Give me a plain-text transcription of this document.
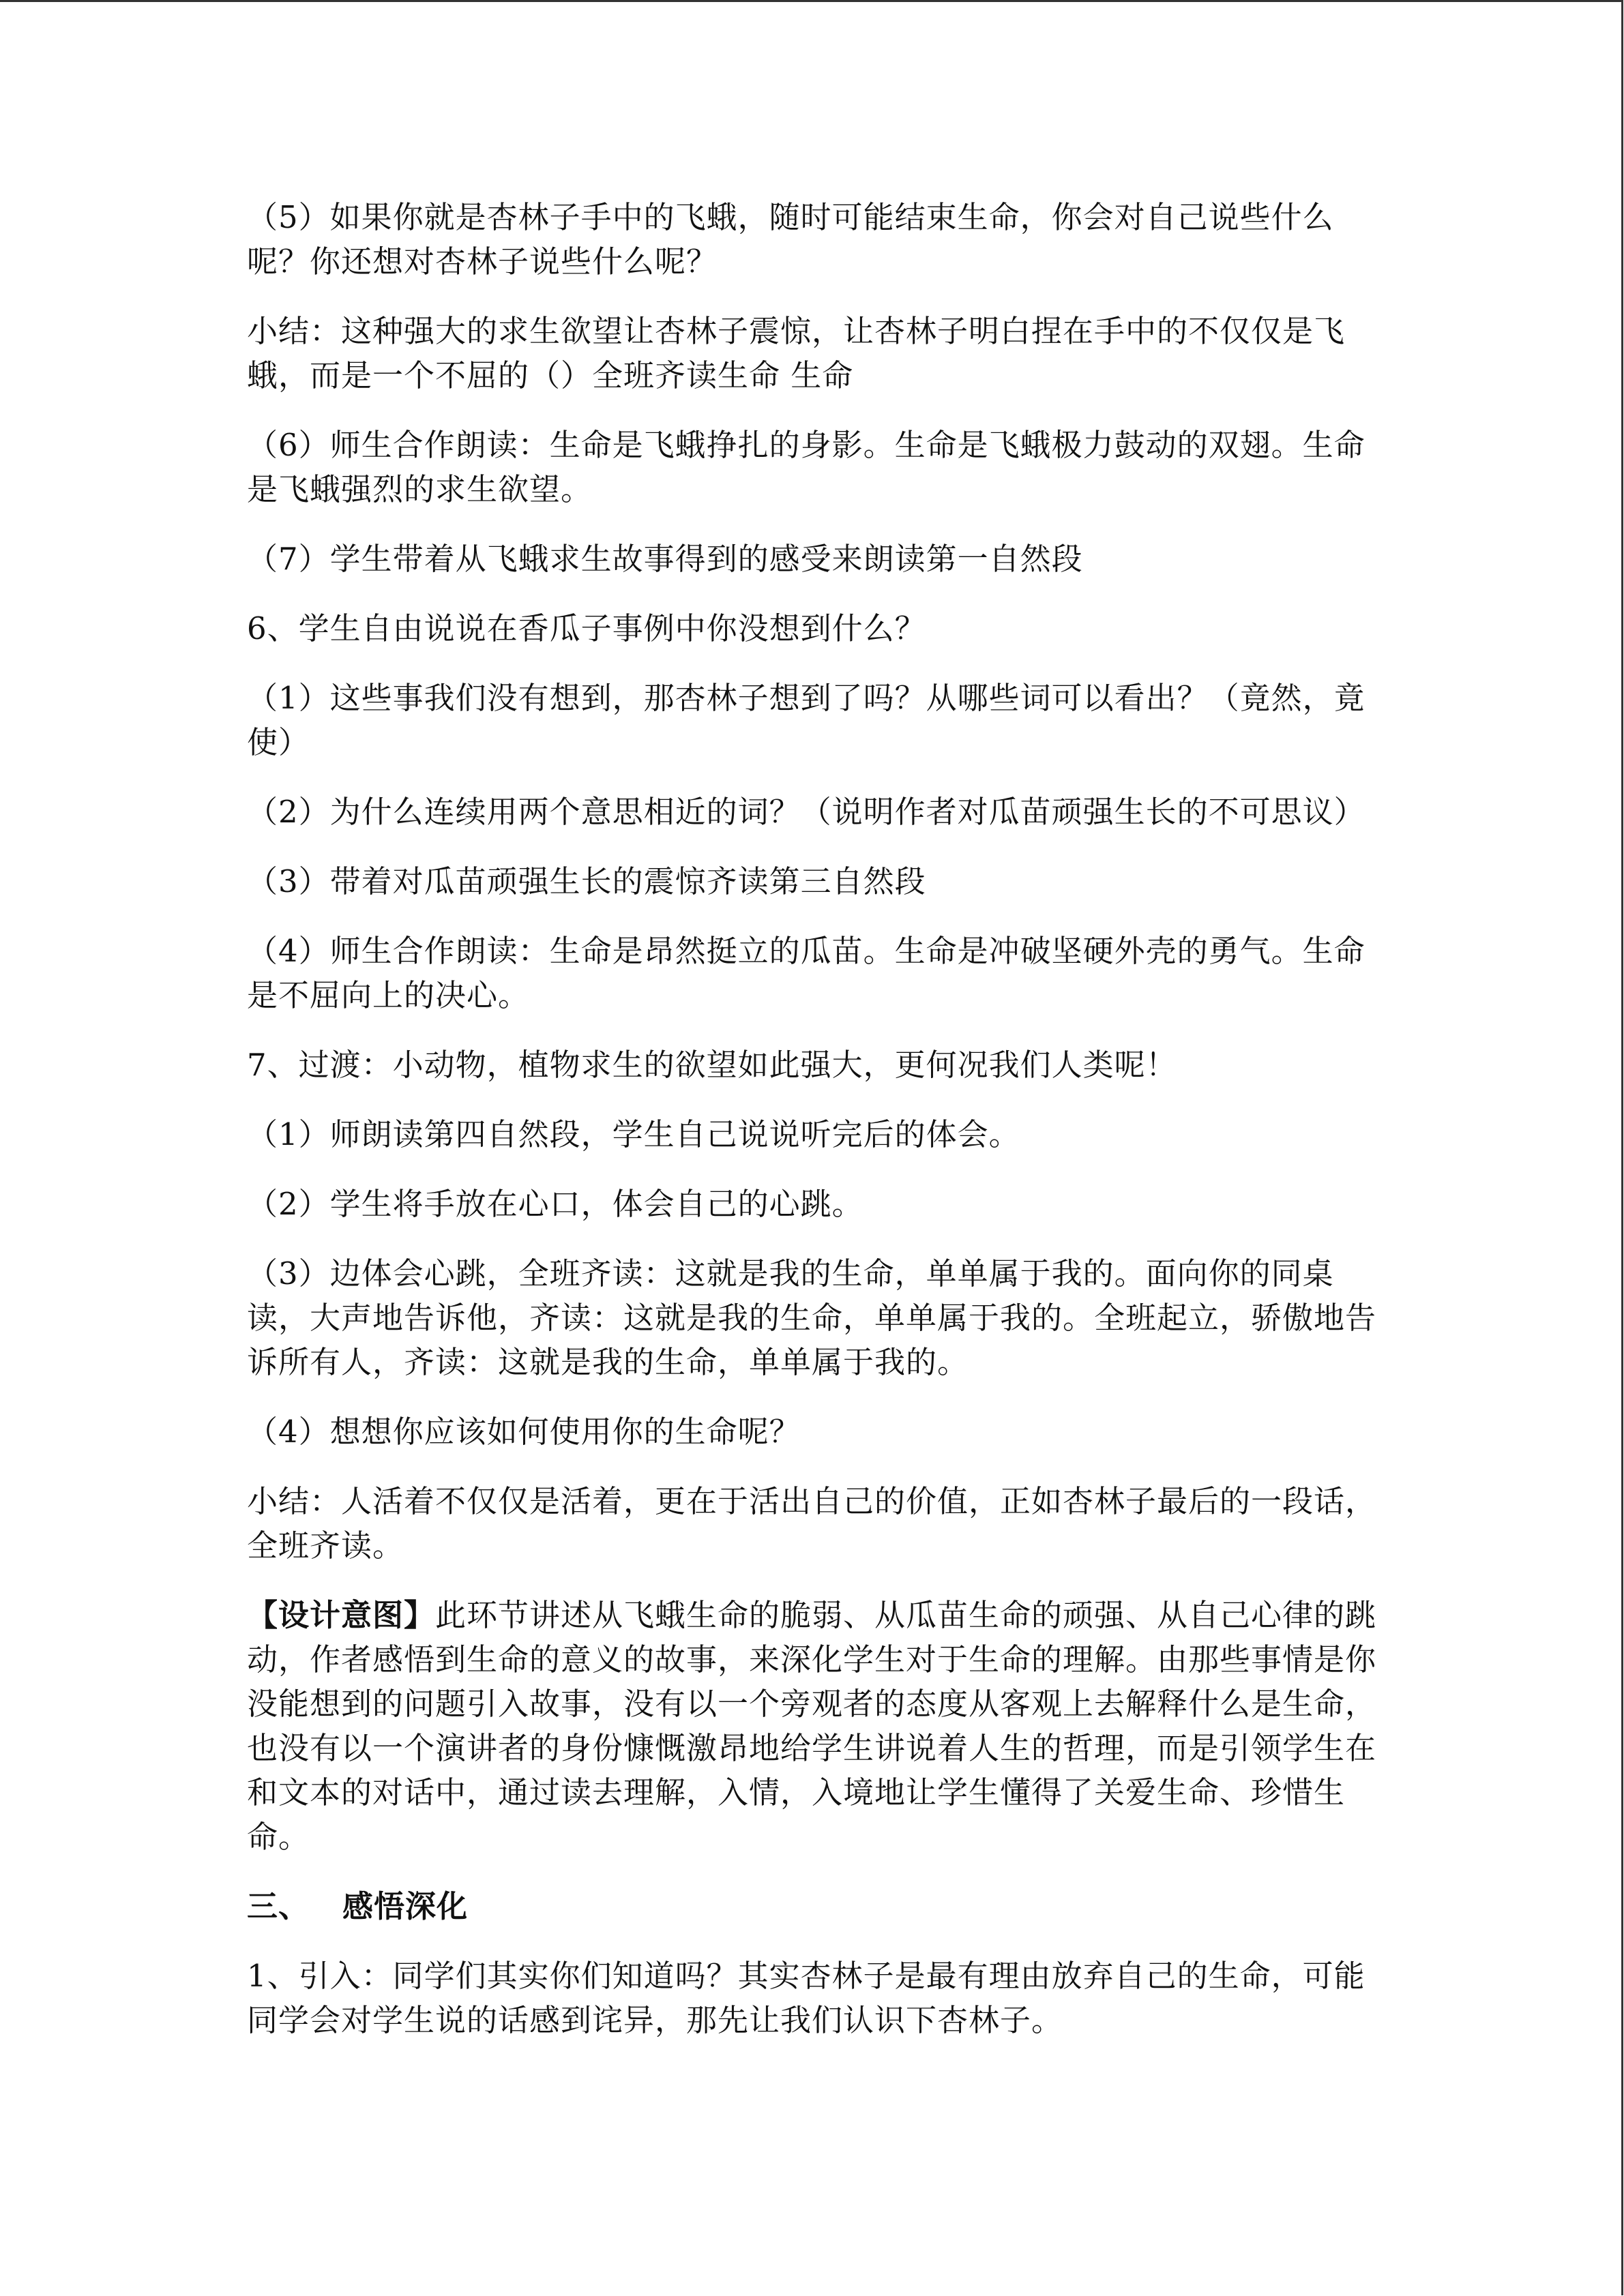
（5）如果你就是杏林子手中的飞蛾，随时可能结束生命，你会对自己说些什么呢？你还想对杏林子说些什么呢？

小结：这种强大的求生欲望让杏林子震惊，让杏林子明白捏在手中的不仅仅是飞蛾，而是一个不屈的（）全班齐读生命 生命

（6）师生合作朗读：生命是飞蛾挣扎的身影。生命是飞蛾极力鼓动的双翅。生命是飞蛾强烈的求生欲望。

（7）学生带着从飞蛾求生故事得到的感受来朗读第一自然段

6、学生自由说说在香瓜子事例中你没想到什么？

（1）这些事我们没有想到，那杏林子想到了吗？从哪些词可以看出？（竟然，竟使）

（2）为什么连续用两个意思相近的词？（说明作者对瓜苗顽强生长的不可思议）

（3）带着对瓜苗顽强生长的震惊齐读第三自然段

（4）师生合作朗读：生命是昂然挺立的瓜苗。生命是冲破坚硬外壳的勇气。生命是不屈向上的决心。

7、过渡：小动物，植物求生的欲望如此强大，更何况我们人类呢！

（1）师朗读第四自然段，学生自己说说听完后的体会。

（2）学生将手放在心口，体会自己的心跳。

（3）边体会心跳，全班齐读：这就是我的生命，单单属于我的。面向你的同桌读，大声地告诉他，齐读：这就是我的生命，单单属于我的。全班起立，骄傲地告诉所有人，齐读：这就是我的生命，单单属于我的。

（4）想想你应该如何使用你的生命呢？

小结：人活着不仅仅是活着，更在于活出自己的价值，正如杏林子最后的一段话，全班齐读。

【设计意图】此环节讲述从飞蛾生命的脆弱、从瓜苗生命的顽强、从自己心律的跳动，作者感悟到生命的意义的故事，来深化学生对于生命的理解。由那些事情是你没能想到的问题引入故事，没有以一个旁观者的态度从客观上去解释什么是生命，也没有以一个演讲者的身份慷慨激昂地给学生讲说着人生的哲理，而是引领学生在和文本的对话中，通过读去理解，入情，入境地让学生懂得了关爱生命、珍惜生命。

三、 感悟深化

1、引入：同学们其实你们知道吗？其实杏林子是最有理由放弃自己的生命，可能同学会对学生说的话感到诧异，那先让我们认识下杏林子。
